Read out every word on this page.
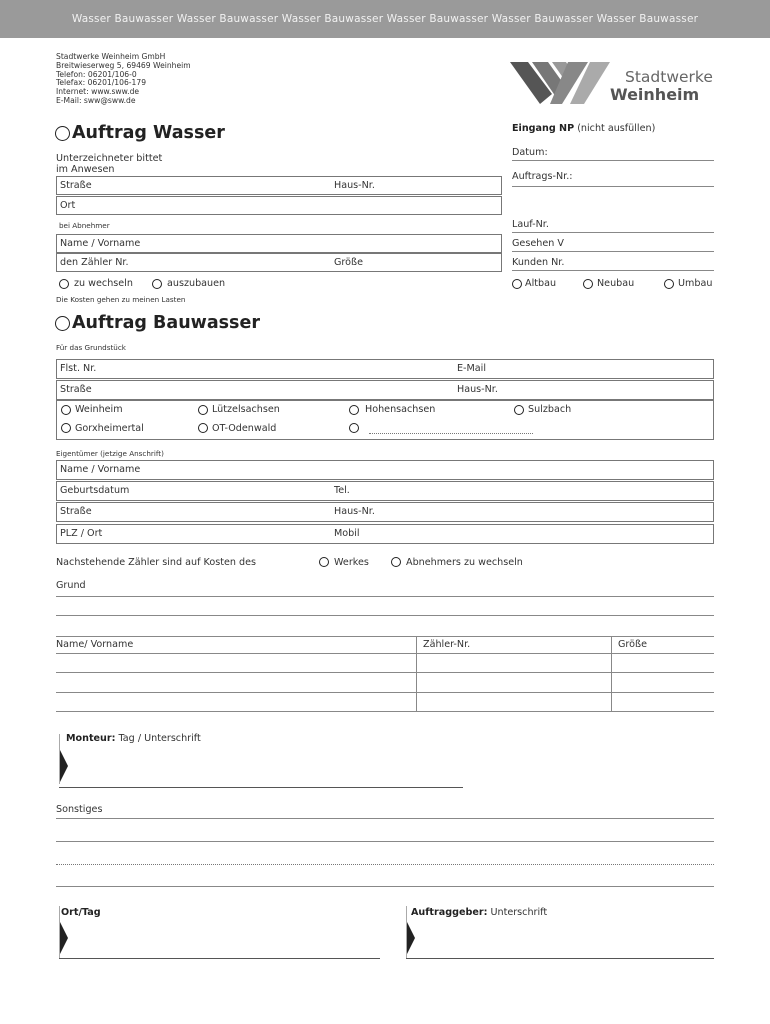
Wasser Bauwasser Wasser Bauwasser Wasser Bauwasser Wasser Bauwasser Wasser Bauwasser Wasser Bauwasser
Stadtwerke Weinheim GmbH
Breitwieserweg 5, 69469 Weinheim
Telefon: 06201/106-0
Telefax: 06201/106-179
Internet: www.sww.de
E-Mail: sww@sww.de
Stadtwerke
Weinheim
Auftrag Wasser
Unterzeichneter bittet
im Anwesen
Straße	Haus-Nr.
Ort
bei Abnehmer
Name / Vorname
den Zähler Nr.	Größe
zu wechseln	auszubauen
Die Kosten gehen zu meinen Lasten
Eingang NP (nicht ausfüllen)
Datum:
Auftrags-Nr.:
Lauf-Nr.
Gesehen V
Kunden Nr.
Altbau	Neubau	Umbau
Auftrag Bauwasser
Für das Grundstück
Flst. Nr.	E-Mail
Straße	Haus-Nr.
Weinheim	Lützelsachsen	Hohensachsen	Sulzbach
Gorxheimertal	OT-Odenwald
Eigentümer (jetzige Anschrift)
Name / Vorname
Geburtsdatum	Tel.
Straße	Haus-Nr.
PLZ / Ort	Mobil
Nachstehende Zähler sind auf Kosten des	Werkes	Abnehmers zu wechseln
Grund
Name/ Vorname	Zähler-Nr.	Größe
Monteur: Tag / Unterschrift
Sonstiges
Ort/Tag	Auftraggeber: Unterschrift
